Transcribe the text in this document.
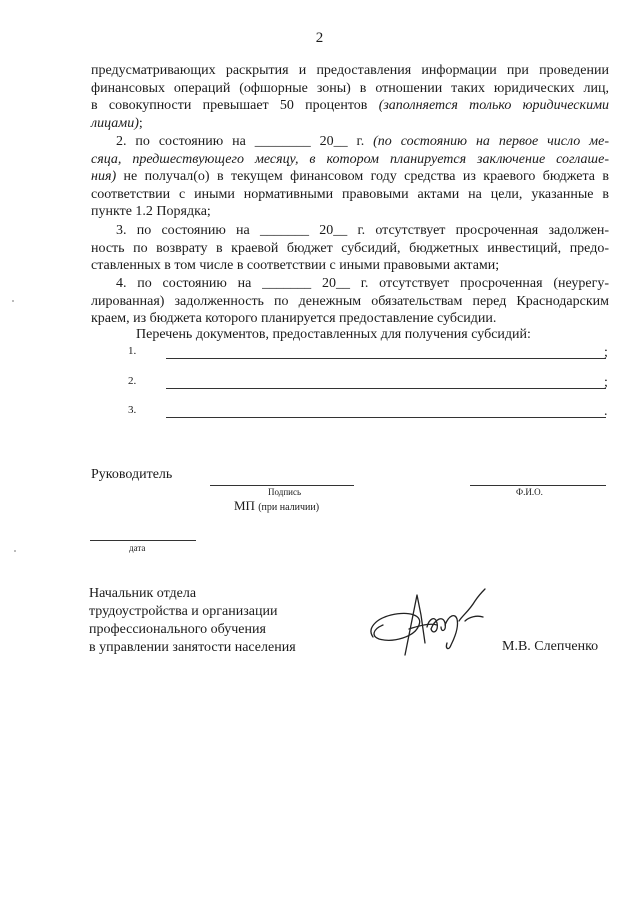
2
предусматривающих раскрытия и предоставления информации при проведении
финансовых операций (офшорные зоны) в отношении таких юридических лиц,
в совокупности превышает 50 процентов (заполняется только юридическими
лицами);
2. по состоянию на ________ 20__ г. (по состоянию на первое число ме-
сяца, предшествующего месяцу, в котором планируется заключение соглаше-
ния) не получал(о) в текущем финансовом году средства из краевого бюджета в
соответствии с иными нормативными правовыми актами на цели, указанные в
пункте 1.2 Порядка;
3. по состоянию на _______ 20__ г. отсутствует просроченная задолжен-
ность по возврату в краевой бюджет субсидий, бюджетных инвестиций, предо-
ставленных в том числе в соответствии с иными правовыми актами;
4. по состоянию на _______ 20__ г. отсутствует просроченная (неурегу-
лированная) задолженность по денежным обязательствам перед Краснодарским
краем, из бюджета которого планируется предоставление субсидии.
Перечень документов, предоставленных для получения субсидий:
1.	;
2.	;
3.	.
Руководитель
Подпись	Ф.И.О.
МП (при наличии)
дата
Начальник отдела
трудоустройства и организации
профессионального обучения
в управлении занятости населения	М.В. Слепченко
